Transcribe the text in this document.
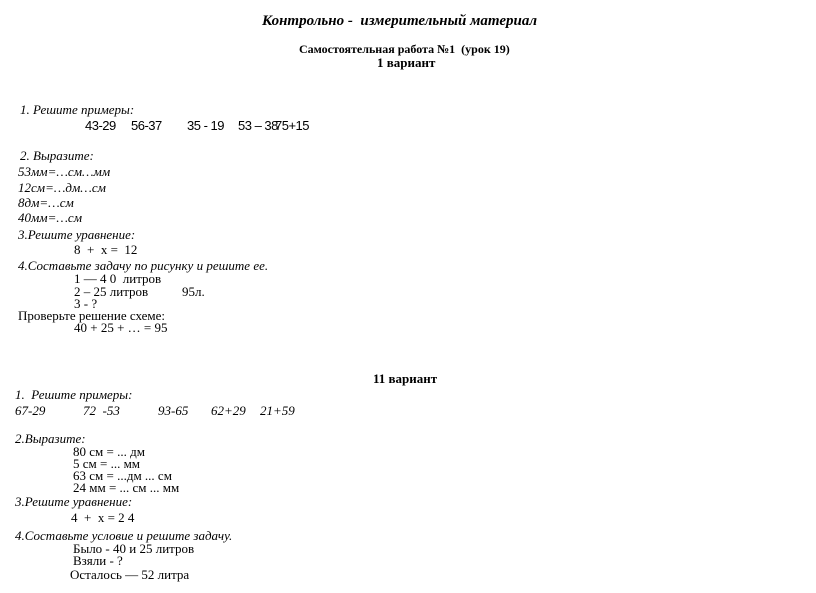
Контрольно -  измерительный материал
Самостоятельная работа №1  (урок 19)
1 вариант
1. Решите примеры:
43-29 56-37 35 - 19 53 – 38
75+15
2. Выразите:
53мм=…см…мм
12см=…дм…см
8дм=…см
40мм=…см
3.Решите уравнение:
8  +  х =  12
4.Составьте задачу по рисунку и решите ее.
1 — 4 0  литров
2 – 25 литров	95л.
3 - ?
Проверьте решение схеме:
40 + 25 + … = 95
11 вариант
1.  Решите примеры:
67-29	72  -53	93-65 62+29 21+59
2.Выразите:
80 см = ... дм
5 см = ... мм
63 см = ...дм ... см
24 мм = ... см ... мм
3.Решите уравнение:
4  +  х = 2 4
4.Составьте условие и решите задачу.
Было - 40 и 25 литров
Взяли - ?
Осталось — 52 литра
